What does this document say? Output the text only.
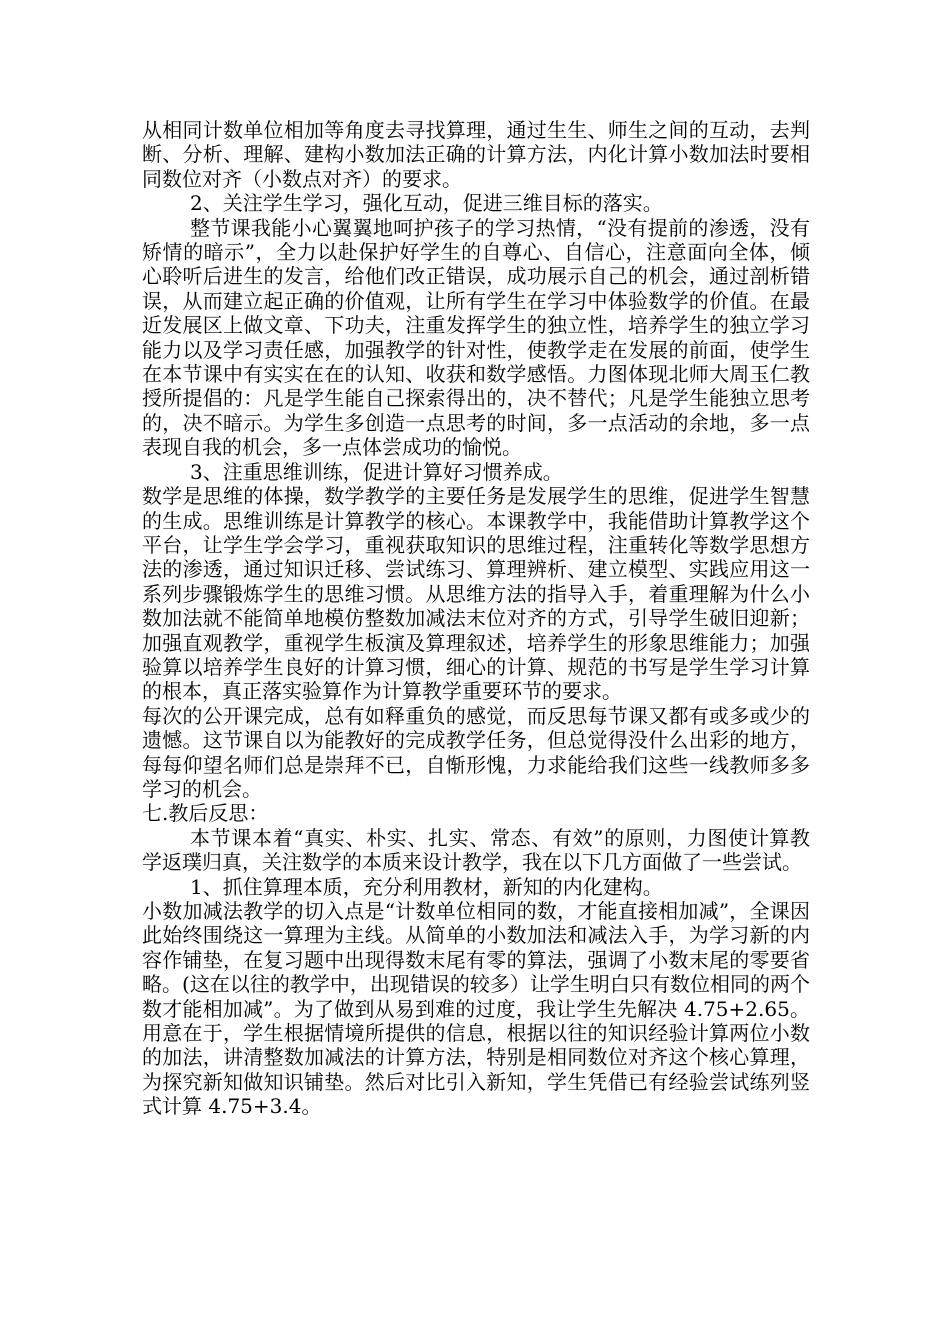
从相同计数单位相加等角度去寻找算理，通过生生、师生之间的互动，去判断、分析、理解、建构小数加法正确的计算方法，内化计算小数加法时要相同数位对齐（小数点对齐）的要求。

2、关注学生学习，强化互动，促进三维目标的落实。

整节课我能小心翼翼地呵护孩子的学习热情，“没有提前的渗透，没有矫情的暗示”，全力以赴保护好学生的自尊心、自信心，注意面向全体，倾心聆听后进生的发言，给他们改正错误，成功展示自己的机会，通过剖析错误，从而建立起正确的价值观，让所有学生在学习中体验数学的价值。在最近发展区上做文章、下功夫，注重发挥学生的独立性，培养学生的独立学习能力以及学习责任感，加强教学的针对性，使教学走在发展的前面，使学生在本节课中有实实在在的认知、收获和数学感悟。力图体现北师大周玉仁教授所提倡的：凡是学生能自己探索得出的，决不替代；凡是学生能独立思考的，决不暗示。为学生多创造一点思考的时间，多一点活动的余地，多一点表现自我的机会，多一点体尝成功的愉悦。

3、注重思维训练，促进计算好习惯养成。

数学是思维的体操，数学教学的主要任务是发展学生的思维，促进学生智慧的生成。思维训练是计算教学的核心。本课教学中，我能借助计算教学这个平台，让学生学会学习，重视获取知识的思维过程，注重转化等数学思想方法的渗透，通过知识迁移、尝试练习、算理辨析、建立模型、实践应用这一系列步骤锻炼学生的思维习惯。从思维方法的指导入手，着重理解为什么小数加法就不能简单地模仿整数加减法末位对齐的方式，引导学生破旧迎新；加强直观教学，重视学生板演及算理叙述，培养学生的形象思维能力；加强验算以培养学生良好的计算习惯，细心的计算、规范的书写是学生学习计算的根本，真正落实验算作为计算教学重要环节的要求。

每次的公开课完成，总有如释重负的感觉，而反思每节课又都有或多或少的遗憾。这节课自以为能教好的完成教学任务，但总觉得没什么出彩的地方，每每仰望名师们总是崇拜不已，自惭形愧，力求能给我们这些一线教师多多学习的机会。

七.教后反思：

本节课本着“真实、朴实、扎实、常态、有效”的原则，力图使计算教学返璞归真，关注数学的本质来设计教学，我在以下几方面做了一些尝试。

1、抓住算理本质，充分利用教材，新知的内化建构。

小数加减法教学的切入点是“计数单位相同的数，才能直接相加减”，全课因此始终围绕这一算理为主线。从简单的小数加法和减法入手，为学习新的内容作铺垫，在复习题中出现得数末尾有零的算法，强调了小数末尾的零要省略。(这在以往的教学中，出现错误的较多）让学生明白只有数位相同的两个数才能相加减”。为了做到从易到难的过度，我让学生先解决 4.75+2.65。用意在于，学生根据情境所提供的信息，根据以往的知识经验计算两位小数的加法，讲清整数加减法的计算方法，特别是相同数位对齐这个核心算理，为探究新知做知识铺垫。然后对比引入新知，学生凭借已有经验尝试练列竖式计算 4.75+3.4。
